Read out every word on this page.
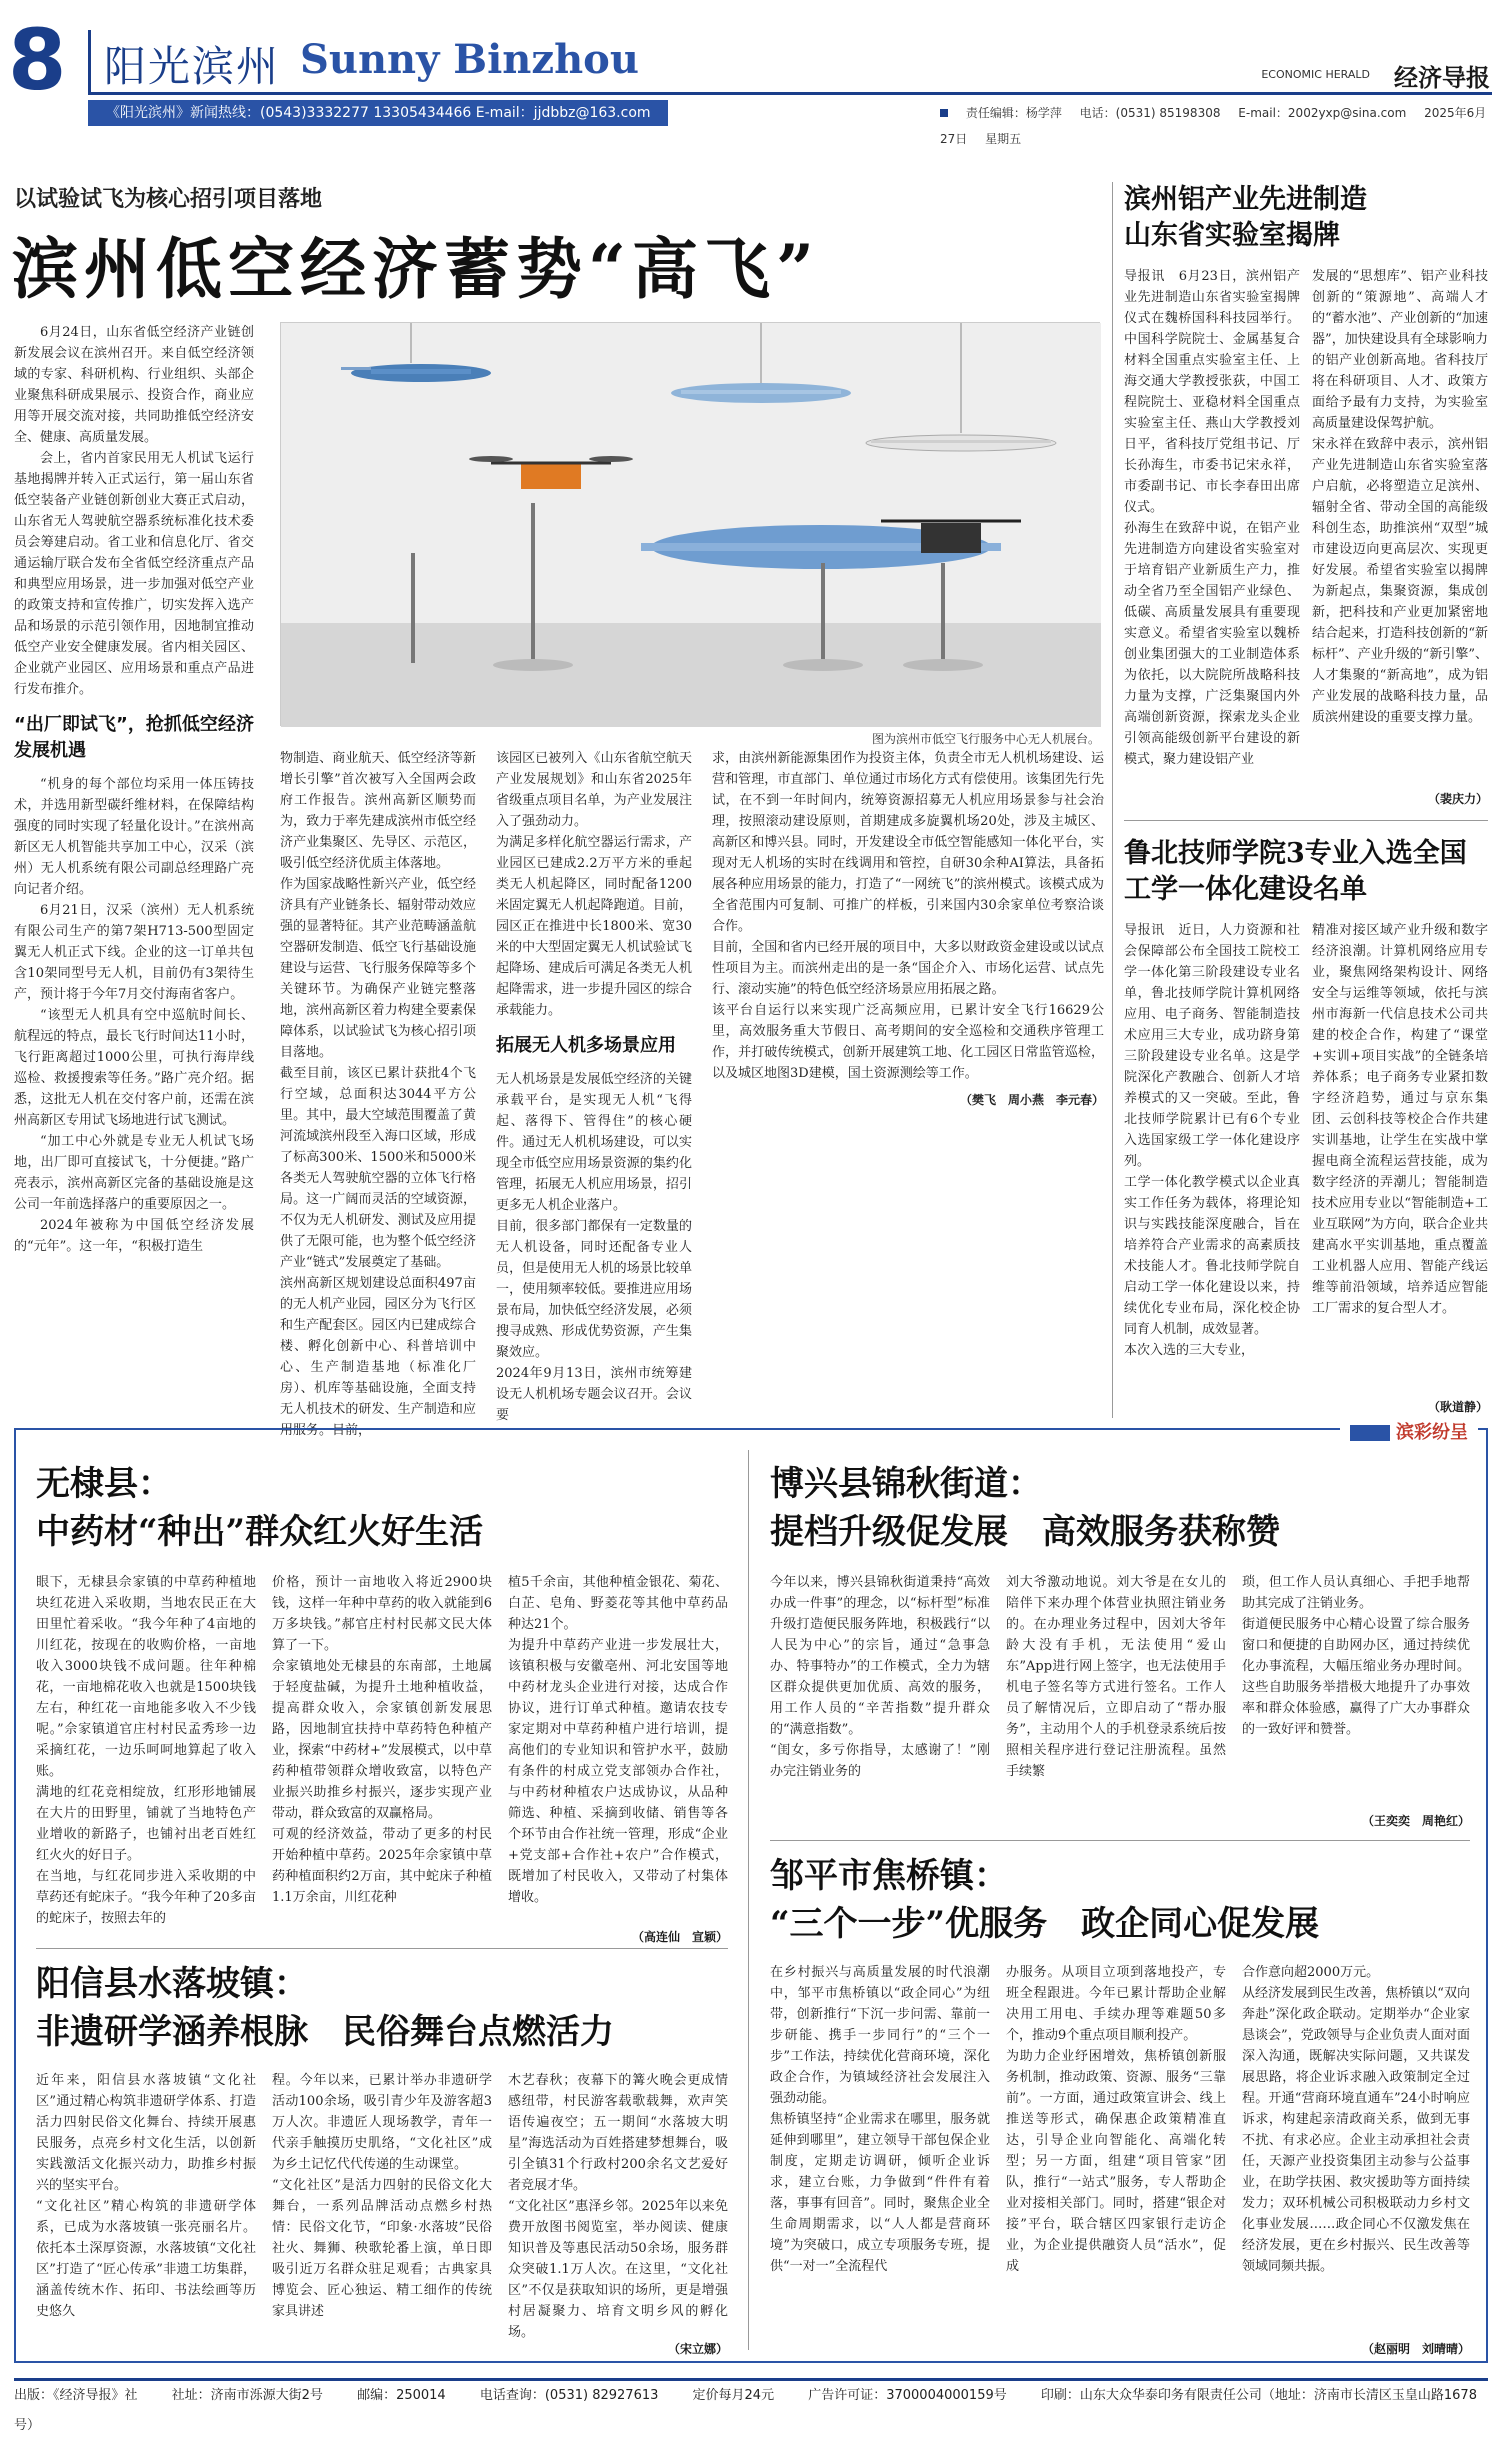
8 阳光滨州 Sunny Binzhou	ECONOMIC HERALD 经济导报
《阳光滨州》新闻热线：(0543)3332277 13305434466 E-mail：jjdbbz@163.com	责任编辑：杨学萍 电话：(0531) 85198308 E-mail：2002yxp@sina.com 2025年6月27日 星期五
以试验试飞为核心招引项目落地
滨州低空经济蓄势“高飞”

6月24日，山东省低空经济产业链创新发展会议在滨州召开。来自低空经济领域的专家、科研机构、行业组织、头部企业聚焦科研成果展示、投资合作，商业应用等开展交流对接，共同助推低空经济安全、健康、高质量发展。

会上，省内首家民用无人机试飞运行基地揭牌并转入正式运行，第一届山东省低空装备产业链创新创业大赛正式启动，山东省无人驾驶航空器系统标准化技术委员会筹建启动。省工业和信息化厅、省交通运输厅联合发布全省低空经济重点产品和典型应用场景，进一步加强对低空产业的政策支持和宣传推广，切实发挥入选产品和场景的示范引领作用，因地制宜推动低空产业安全健康发展。省内相关园区、企业就产业园区、应用场景和重点产品进行发布推介。

“出厂即试飞”，抢抓低空经济发展机遇

“机身的每个部位均采用一体压铸技术，并选用新型碳纤维材料，在保障结构强度的同时实现了轻量化设计。”在滨州高新区无人机智能共享加工中心，汉采（滨州）无人机系统有限公司副总经理路广亮向记者介绍。

6月21日，汉采（滨州）无人机系统有限公司生产的第7架H713-500型固定翼无人机正式下线。企业的这一订单共包含10架同型号无人机，目前仍有3架待生产，预计将于今年7月交付海南省客户。

“该型无人机具有空中巡航时间长、航程远的特点，最长飞行时间达11小时，飞行距离超过1000公里，可执行海岸线巡检、救援搜索等任务。”路广亮介绍。据悉，这批无人机在交付客户前，还需在滨州高新区专用试飞场地进行试飞测试。

“加工中心外就是专业无人机试飞场地，出厂即可直接试飞，十分便捷。”路广亮表示，滨州高新区完备的基础设施是这公司一年前选择落户的重要原因之一。

2024年被称为中国低空经济发展的“元年”。这一年，“积极打造生

图为滨州市低空飞行服务中心无人机展台。

物制造、商业航天、低空经济等新增长引擎”首次被写入全国两会政府工作报告。滨州高新区顺势而为，致力于率先建成滨州市低空经济产业集聚区、先导区、示范区，吸引低空经济优质主体落地。
作为国家战略性新兴产业，低空经济具有产业链条长、辐射带动效应强的显著特征。其产业范畴涵盖航空器研发制造、低空飞行基础设施建设与运营、飞行服务保障等多个关键环节。为确保产业链完整落地，滨州高新区着力构建全要素保障体系，以试验试飞为核心招引项目落地。
截至目前，该区已累计获批4个飞行空域，总面积达3044平方公里。其中，最大空域范围覆盖了黄河流域滨州段至入海口区域，形成了标高300米、1500米和5000米各类无人驾驶航空器的立体飞行格局。这一广阔而灵活的空域资源，不仅为无人机研发、测试及应用提供了无限可能，也为整个低空经济产业“链式”发展奠定了基础。
滨州高新区规划建设总面积497亩的无人机产业园，园区分为飞行区和生产配套区。园区内已建成综合楼、孵化创新中心、科普培训中心、生产制造基地（标准化厂房）、机库等基础设施，全面支持无人机技术的研发、生产制造和应用服务。目前，

该园区已被列入《山东省航空航天产业发展规划》和山东省2025年省级重点项目名单，为产业发展注入了强劲动力。
为满足多样化航空器运行需求，产业园区已建成2.2万平方米的垂起类无人机起降区，同时配备1200米固定翼无人机起降跑道。目前，园区正在推进中长1800米、宽30米的中大型固定翼无人机试验试飞起降场、建成后可满足各类无人机起降需求，进一步提升园区的综合承载能力。

拓展无人机多场景应用

无人机场景是发展低空经济的关键承载平台，是实现无人机“飞得起、落得下、管得住”的核心硬件。通过无人机机场建设，可以实现全市低空应用场景资源的集约化管理，拓展无人机应用场景，招引更多无人机企业落户。
目前，很多部门都保有一定数量的无人机设备，同时还配备专业人员，但是使用无人机的场景比较单一，使用频率较低。要推进应用场景布局，加快低空经济发展，必须搜寻成熟、形成优势资源，产生集聚效应。
2024年9月13日，滨州市统筹建设无人机机场专题会议召开。会议要

求，由滨州新能源集团作为投资主体，负责全市无人机机场建设、运营和管理，市直部门、单位通过市场化方式有偿使用。该集团先行先试，在不到一年时间内，统筹资源招募无人机应用场景参与社会治理，按照滚动建设原则，首期建成多旋翼机场20处，涉及主城区、高新区和博兴县。同时，开发建设全市低空智能感知一体化平台，实现对无人机场的实时在线调用和管控，自研30余种AI算法，具备拓展各种应用场景的能力，打造了“一网统飞”的滨州模式。该模式成为全省范围内可复制、可推广的样板，引来国内30余家单位考察洽谈合作。
目前，全国和省内已经开展的项目中，大多以财政资金建设或以试点性项目为主。而滨州走出的是一条“国企介入、市场化运营、试点先行、滚动实施”的特色低空经济场景应用拓展之路。
该平台自运行以来实现广泛高频应用，已累计安全飞行16629公里，高效服务重大节假日、高考期间的安全巡检和交通秩序管理工作，并打破传统模式，创新开展建筑工地、化工园区日常监管巡检，以及城区地图3D建模，国土资源测绘等工作。

（樊飞　周小燕　李元春）
滨州铝产业先进制造山东省实验室揭牌

导报讯　6月23日，滨州铝产业先进制造山东省实验室揭牌仪式在魏桥国科科技园举行。中国科学院院士、金属基复合材料全国重点实验室主任、上海交通大学教授张荻，中国工程院院士、亚稳材料全国重点实验室主任、燕山大学教授刘日平，省科技厅党组书记、厅长孙海生，市委书记宋永祥，市委副书记、市长李春田出席仪式。
孙海生在致辞中说，在铝产业先进制造方向建设省实验室对于培育铝产业新质生产力，推动全省乃至全国铝产业绿色、低碳、高质量发展具有重要现实意义。希望省实验室以魏桥创业集团强大的工业制造体系为依托，以大院院所战略科技力量为支撑，广泛集聚国内外高端创新资源，探索龙头企业引领高能级创新平台建设的新模式，聚力建设铝产业

发展的“思想库”、铝产业科技创新的“策源地”、高端人才的“蓄水池”、产业创新的“加速器”，加快建设具有全球影响力的铝产业创新高地。省科技厅将在科研项目、人才、政策方面给予最有力支持，为实验室高质量建设保驾护航。
宋永祥在致辞中表示，滨州铝产业先进制造山东省实验室落户启航，必将塑造立足滨州、辐射全省、带动全国的高能级科创生态，助推滨州“双型”城市建设迈向更高层次、实现更好发展。希望省实验室以揭牌为新起点，集聚资源，集成创新，把科技和产业更加紧密地结合起来，打造科技创新的“新标杆”、产业升级的“新引擎”、人才集聚的“新高地”，成为铝产业发展的战略科技力量，品质滨州建设的重要支撑力量。

（裴庆力）
鲁北技师学院3专业入选全国工学一体化建设名单

导报讯　近日，人力资源和社会保障部公布全国技工院校工学一体化第三阶段建设专业名单，鲁北技师学院计算机网络应用、电子商务、智能制造技术应用三大专业，成功跻身第三阶段建设专业名单。这是学院深化产教融合、创新人才培养模式的又一突破。至此，鲁北技师学院累计已有6个专业入选国家级工学一体化建设序列。
工学一体化教学模式以企业真实工作任务为载体，将理论知识与实践技能深度融合，旨在培养符合产业需求的高素质技术技能人才。鲁北技师学院自启动工学一体化建设以来，持续优化专业布局，深化校企协同育人机制，成效显著。
本次入选的三大专业，

精准对接区域产业升级和数字经济浪潮。计算机网络应用专业，聚焦网络架构设计、网络安全与运维等领域，依托与滨州市海新一代信息技术公司共建的校企合作，构建了“课堂+实训+项目实战”的全链条培养体系；电子商务专业紧扣数字经济趋势，通过与京东集团、云创科技等校企合作共建实训基地，让学生在实战中掌握电商全流程运营技能，成为数字经济的弄潮儿；智能制造技术应用专业以“智能制造+工业互联网”为方向，联合企业共建高水平实训基地，重点覆盖工业机器人应用、智能产线运维等前沿领域，培养适应智能工厂需求的复合型人才。

（耿道静）
滨彩纷呈
无棣县：
中药材“种出”群众红火好生活

眼下，无棣县佘家镇的中草药种植地块红花进入采收期，当地农民正在大田里忙着采收。“我今年种了4亩地的川红花，按现在的收购价格，一亩地收入3000块钱不成问题。往年种棉花，一亩地棉花收入也就是1500块钱左右，种红花一亩地能多收入不少钱呢。”佘家镇道官庄村村民孟秀珍一边采摘红花，一边乐呵呵地算起了收入账。
满地的红花竞相绽放，红形形地铺展在大片的田野里，铺就了当地特色产业增收的新路子，也铺衬出老百姓红红火火的好日子。
在当地，与红花同步进入采收期的中草药还有蛇床子。“我今年种了20多亩的蛇床子，按照去年的

价格，预计一亩地收入将近2900块钱，这样一年种中草药的收入就能到6万多块钱。”郝官庄村村民郝文民大体算了一下。
佘家镇地处无棣县的东南部，土地属于轻度盐碱，为提升土地种植收益，提高群众收入，佘家镇创新发展思路，因地制宜扶持中草药特色种植产业，探索“中药材+”发展模式，以中草药种植带领群众增收致富，以特色产业振兴助推乡村振兴，逐步实现产业带动，群众致富的双赢格局。
可观的经济效益，带动了更多的村民开始种植中草药。2025年佘家镇中草药种植面积约2万亩，其中蛇床子种植1.1万余亩，川红花种

植5千余亩，其他种植金银花、菊花、白芷、皂角、野菱花等其他中草药品种达21个。
为提升中草药产业进一步发展壮大，该镇积极与安徽亳州、河北安国等地中药材龙头企业进行对接，达成合作协议，进行订单式种植。邀请农技专家定期对中草药种植户进行培训，提高他们的专业知识和管护水平，鼓励有条件的村成立党支部领办合作社，与中药材种植农户达成协议，从品种筛选、种植、采摘到收储、销售等各个环节由合作社统一管理，形成“企业+党支部+合作社+农户”合作模式，既增加了村民收入，又带动了村集体增收。

（高连仙　宣颖）
博兴县锦秋街道：
提档升级促发展　高效服务获称赞

今年以来，博兴县锦秋街道秉持“高效办成一件事”的理念，以“标杆型”标准升级打造便民服务阵地，积极践行“以人民为中心”的宗旨，通过“急事急办、特事特办”的工作模式，全力为辖区群众提供更加优质、高效的服务，用工作人员的“辛苦指数”提升群众的“满意指数”。
“闺女，多亏你指导，太感谢了！”刚办完注销业务的

刘大爷激动地说。刘大爷是在女儿的陪伴下来办理个体营业执照注销业务的。在办理业务过程中，因刘大爷年龄大没有手机，无法使用“爱山东”App进行网上签字，也无法使用手机电子签名等方式进行签名。工作人员了解情况后，立即启动了“帮办服务”，主动用个人的手机登录系统后按照相关程序进行登记注册流程。虽然手续繁

琐，但工作人员认真细心、手把手地帮助其完成了注销业务。
街道便民服务中心精心设置了综合服务窗口和便捷的自助网办区，通过持续优化办事流程，大幅压缩业务办理时间。这些自助服务举措极大地提升了办事效率和群众体验感，赢得了广大办事群众的一致好评和赞誉。

（王奕奕　周艳红）
邹平市焦桥镇：
“三个一步”优服务　政企同心促发展

在乡村振兴与高质量发展的时代浪潮中，邹平市焦桥镇以“政企同心”为纽带，创新推行“下沉一步问需、靠前一步研能、携手一步同行”的“三个一步”工作法，持续优化营商环境，深化政企合作，为镇域经济社会发展注入强劲动能。
焦桥镇坚持“企业需求在哪里，服务就延伸到哪里”，建立领导干部包保企业制度，定期走访调研，倾听企业诉求，建立台账，力争做到“件件有着落，事事有回音”。同时，聚焦企业全生命周期需求，以“人人都是营商环境”为突破口，成立专项服务专班，提供“一对一”全流程代

办服务。从项目立项到落地投产，专班全程跟进。今年已累计帮助企业解决用工用电、手续办理等难题50多个，推动9个重点项目顺利投产。
为助力企业纾困增效，焦桥镇创新服务机制，推动政策、资源、服务“三靠前”。一方面，通过政策宣讲会、线上推送等形式，确保惠企政策精准直达，引导企业向智能化、高端化转型；另一方面，组建“项目管家”团队，推行“一站式”服务，专人帮助企业对接相关部门。同时，搭建“银企对接”平台，联合辖区四家银行走访企业，为企业提供融资人员“活水”，促成

合作意向超2000万元。
从经济发展到民生改善，焦桥镇以“双向奔赴”深化政企联动。定期举办“企业家恳谈会”，党政领导与企业负责人面对面深入沟通，既解决实际问题，又共谋发展思路，将企业诉求融入政策制定全过程。开通“营商环境直通车”24小时响应诉求，构建起亲清政商关系，做到无事不扰、有求必应。企业主动承担社会责任，天源产业投资集团主动参与公益事业，在助学扶困、救灾援助等方面持续发力；双环机械公司积极联动力乡村文化事业发展……政企同心不仅激发焦在经济发展，更在乡村振兴、民生改善等领域同频共振。

（赵丽明　刘晴晴）
阳信县水落坡镇：
非遗研学涵养根脉　民俗舞台点燃活力

近年来，阳信县水落坡镇“文化社区”通过精心构筑非遗研学体系、打造活力四射民俗文化舞台、持续开展惠民服务，点亮乡村文化生活，以创新实践激活文化振兴动力，助推乡村振兴的坚实平台。
“文化社区”精心构筑的非遗研学体系，已成为水落坡镇一张亮丽名片。依托本土深厚资源，水落坡镇“文化社区”打造了“匠心传承”非遗工坊集群，涵盖传统木作、拓印、书法绘画等历史悠久

程。今年以来，已累计举办非遗研学活动100余场，吸引青少年及游客超3万人次。非遗匠人现场教学，青年一代亲手触摸历史肌络，“文化社区”成为乡土记忆代代传递的生动课堂。
“文化社区”是活力四射的民俗文化大舞台，一系列品牌活动点燃乡村热情：民俗文化节，“印象·水落坡”民俗社火、舞狮、秧歌轮番上演，单日即吸引近万名群众驻足观看；古典家具博览会、匠心独运、精工细作的传统家具讲述

木艺春秋；夜幕下的篝火晚会更成情感纽带，村民游客载歌载舞，欢声笑语传遍夜空；五一期间“水落坡大明星”海选活动为百姓搭建梦想舞台，吸引全镇31个行政村200余名文艺爱好者竞展才华。
“文化社区”惠泽乡邻。2025年以来免费开放图书阅览室，举办阅读、健康知识普及等惠民活动50余场，服务群众突破1.1万人次。在这里，“文化社区”不仅是获取知识的场所，更是增强村居凝聚力、培育文明乡风的孵化场。

（宋立娜）
出版：《经济导报》社	社址：济南市泺源大街2号	邮编：250014	电话查询：(0531) 82927613	定价每月24元	广告许可证：3700004000159号	印刷：山东大众华泰印务有限责任公司（地址：济南市长清区玉皇山路1678号）
